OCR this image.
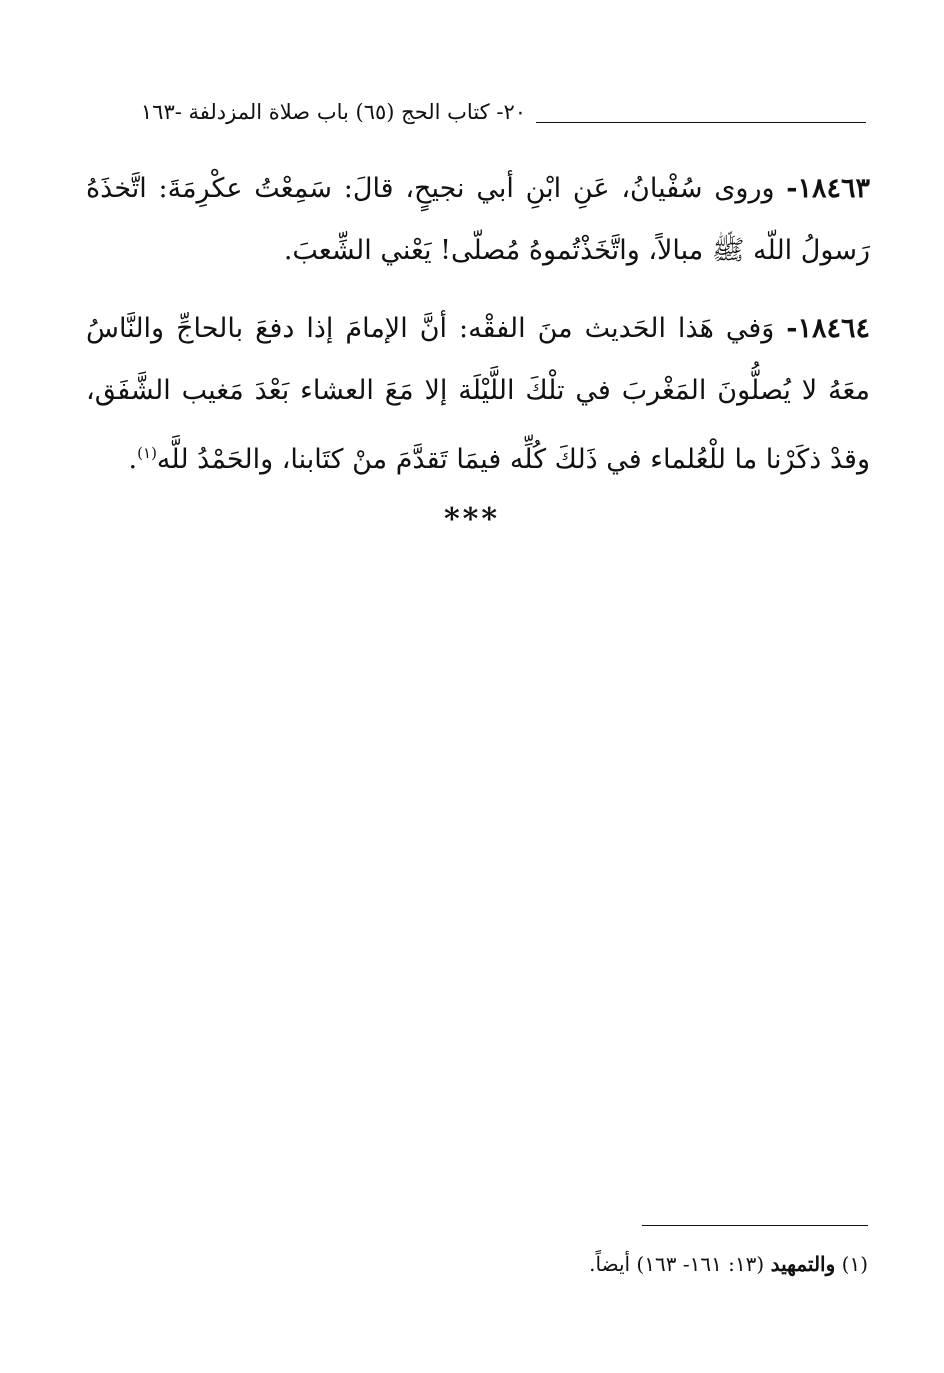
٢٠- كتاب الحج (٦٥) باب صلاة المزدلفة -١٦٣
١٨٤٦٣- وروى سُفْيانُ، عَنِ ابْنِ أبي نجيحٍ، قالَ: سَمِعْتُ عكْرِمَةَ: اتَّخذَهُ رَسولُ اللّه ﷺ مبالاً، واتَّخَذْتُموهُ مُصلّى! يَعْني الشِّعبَ.
١٨٤٦٤- وَفي هَذا الحَديث منَ الفقْه: أنَّ الإمامَ إذا دفعَ بالحاجِّ والنَّاسُ معَهُ لا يُصلُّونَ المَغْربَ في تلْكَ اللَّيْلَة إلا مَعَ العشاء بَعْدَ مَغيب الشَّفَق، وقدْ ذكَرْنا ما للْعُلماء في ذَلكَ كُلِّه فيمَا تَقدَّمَ منْ كتَابنا، والحَمْدُ للَّه$^{(١)}$.
***
(١) والتمهيد (١٣: ١٦١- ١٦٣) أيضاً.
